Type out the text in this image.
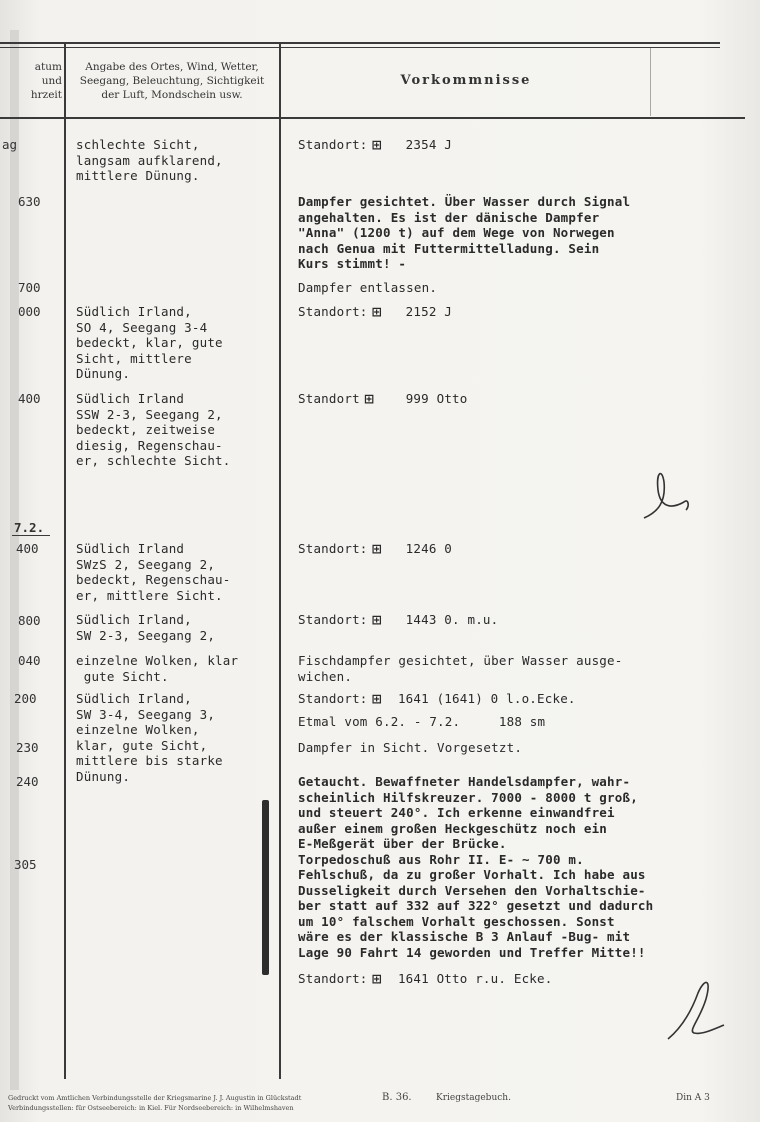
atum
und
hrzeit
Angabe des Ortes, Wind, Wetter,
Seegang, Beleuchtung, Sichtigkeit
der Luft, Mondschein usw.
Vorkommnisse
ag
630
700
000
400
7.2.
400
800
040
200
230
240
305
schlechte Sicht,
langsam aufklarend,
mittlere Dünung.
Südlich Irland,
SO 4, Seegang 3-4
bedeckt, klar, gute
Sicht, mittlere
Dünung.
Südlich Irland
SSW 2-3, Seegang 2,
bedeckt, zeitweise
diesig, Regenschau-
er, schlechte Sicht.
Südlich Irland
SWzS 2, Seegang 2,
bedeckt, Regenschau-
er, mittlere Sicht.
Südlich Irland,
SW 2-3, Seegang 2,
einzelne Wolken, klar
gute Sicht.
Südlich Irland,
SW 3-4, Seegang 3,
einzelne Wolken,
klar, gute Sicht,
mittlere bis starke
Dünung.
Standort: ⊞ 2354 J
Dampfer gesichtet. Über Wasser durch Signal
angehalten. Es ist der dänische Dampfer
"Anna" (1200 t) auf dem Wege von Norwegen
nach Genua mit Futtermittelladung. Sein
Kurs stimmt! -
Dampfer entlassen.
Standort: ⊞ 2152 J
Standort ⊞ 999 Otto
Standort: ⊞ 1246 0
Standort: ⊞ 1443 0. m.u.
Fischdampfer gesichtet, über Wasser ausge-
wichen.
Standort: ⊞ 1641 (1641) 0 l.o.Ecke.
Etmal vom 6.2. - 7.2.     188 sm
Dampfer in Sicht. Vorgesetzt.
Getaucht. Bewaffneter Handelsdampfer, wahr-
scheinlich Hilfskreuzer. 7000 - 8000 t groß,
und steuert 240°. Ich erkenne einwandfrei
außer einem großen Heckgeschütz noch ein
E-Meßgerät über der Brücke.
Torpedoschuß aus Rohr II. E- ~ 700 m.
Fehlschuß, da zu großer Vorhalt. Ich habe aus
Dusseligkeit durch Versehen den Vorhaltschie-
ber statt auf 332 auf 322° gesetzt und dadurch
um 10° falschem Vorhalt geschossen. Sonst
wäre es der klassische B 3 Anlauf -Bug- mit
Lage 90 Fahrt 14 geworden und Treffer Mitte!!
Standort: ⊞ 1641 Otto r.u. Ecke.
Gedruckt vom Amtlichen Verbindungsstelle der Kriegsmarine J. J. Augustin in Glückstadt
Verbindungsstellen: für Ostseebereich: in Kiel. Für Nordseebereich: in Wilhelmshaven
B. 36.	Kriegstagebuch.	Din A 3
